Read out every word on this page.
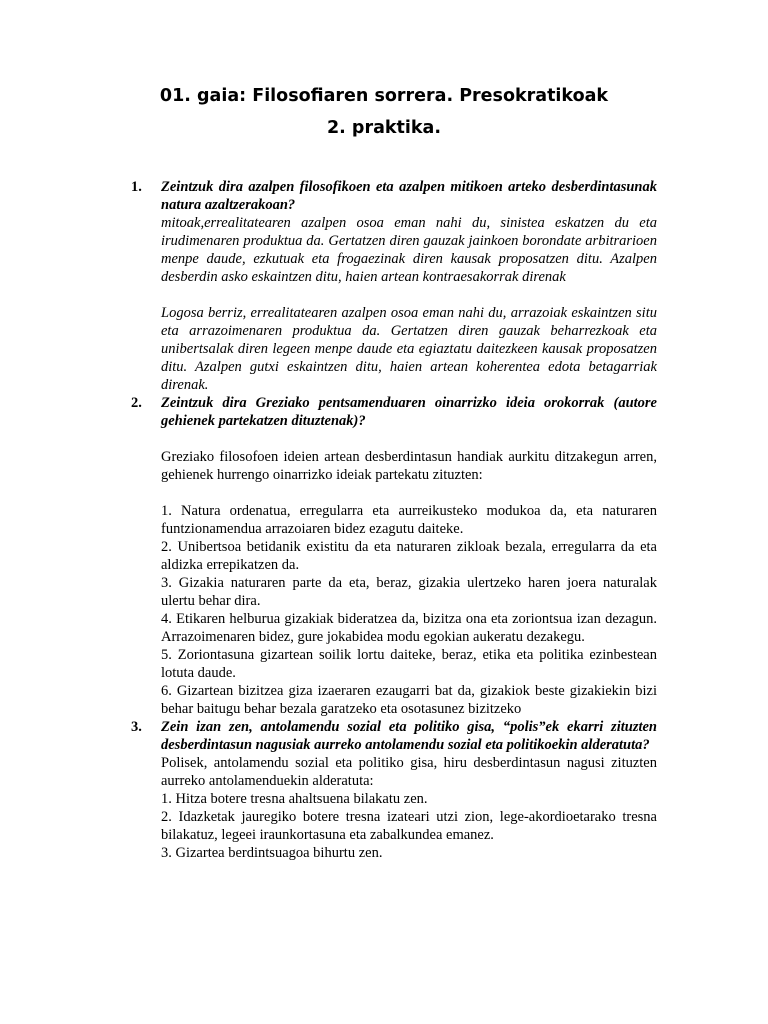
01. gaia: Filosofiaren sorrera. Presokratikoak
2. praktika.
1.	Zeintzuk dira azalpen filosofikoen eta azalpen mitikoen arteko desberdintasunak natura azaltzerakoan?

mitoak,errealitatearen azalpen osoa eman nahi du, sinistea eskatzen du eta irudimenaren produktua da. Gertatzen diren gauzak jainkoen borondate arbitrarioen menpe daude, ezkutuak eta frogaezinak diren kausak proposatzen ditu. Azalpen desberdin asko eskaintzen ditu, haien artean kontraesakorrak direnak

Logosa berriz, errealitatearen azalpen osoa eman nahi du, arrazoiak eskaintzen situ eta arrazoimenaren produktua da. Gertatzen diren gauzak beharrezkoak eta unibertsalak diren legeen menpe daude eta egiaztatu daitezkeen kausak proposatzen ditu. Azalpen gutxi eskaintzen ditu, haien artean koherentea edota betagarriak direnak.

2.	Zeintzuk dira Greziako pentsamenduaren oinarrizko ideia orokorrak (autore gehienek partekatzen dituztenak)?

Greziako filosofoen ideien artean desberdintasun handiak aurkitu ditzakegun arren, gehienek hurrengo oinarrizko ideiak partekatu zituzten:

1. Natura ordenatua, erregularra eta aurreikusteko modukoa da, eta naturaren funtzionamendua arrazoiaren bidez ezagutu daiteke.

2. Unibertsoa betidanik existitu da eta naturaren zikloak bezala, erregularra da eta aldizka errepikatzen da.

3. Gizakia naturaren parte da eta, beraz, gizakia ulertzeko haren joera naturalak ulertu behar dira.

4. Etikaren helburua gizakiak bideratzea da, bizitza ona eta zoriontsua izan dezagun. Arrazoimenaren bidez, gure jokabidea modu egokian aukeratu dezakegu.

5. Zoriontasuna gizartean soilik lortu daiteke, beraz, etika eta politika ezinbestean lotuta daude.

6. Gizartean bizitzea giza izaeraren ezaugarri bat da, gizakiok beste gizakiekin bizi behar baitugu behar bezala garatzeko eta osotasunez bizitzeko

3.	Zein izan zen, antolamendu sozial eta politiko gisa, “polis”ek ekarri zituzten desberdintasun nagusiak aurreko antolamendu sozial eta politikoekin alderatuta?

Polisek, antolamendu sozial eta politiko gisa, hiru desberdintasun nagusi zituzten aurreko antolamenduekin alderatuta:

1. Hitza botere tresna ahaltsuena bilakatu zen.

2. Idazketak jauregiko botere tresna izateari utzi zion, lege-akordioetarako tresna bilakatuz, legeei iraunkortasuna eta zabalkundea emanez.

3. Gizartea berdintsuagoa bihurtu zen.
